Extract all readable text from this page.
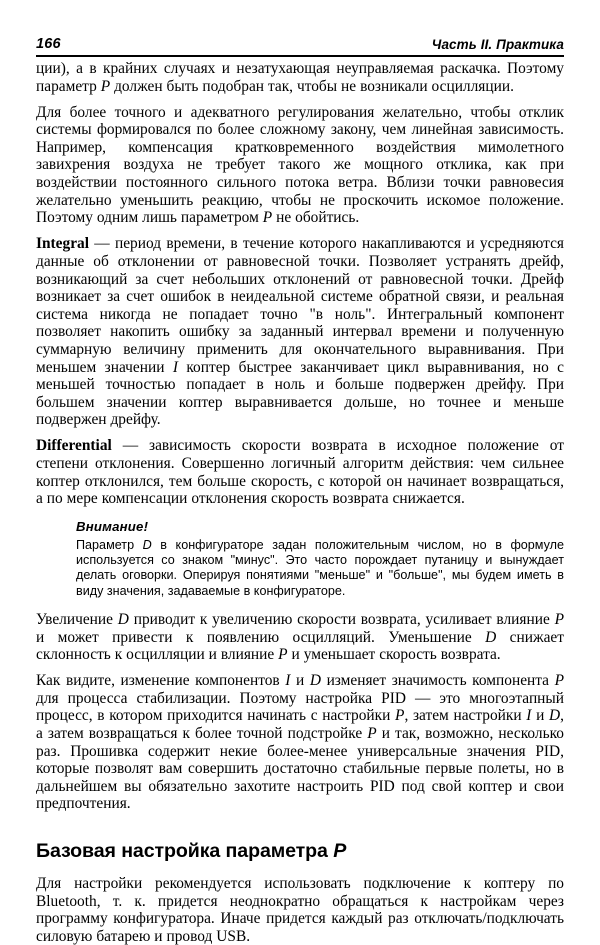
166	Часть II. Практика

ции), а в крайних случаях и незатухающая неуправляемая раскачка. Поэтому параметр P должен быть подобран так, чтобы не возникали осцилляции.

Для более точного и адекватного регулирования желательно, чтобы отклик системы формировался по более сложному закону, чем линейная зависимость. Например, компенсация кратковременного воздействия мимолетного завихрения воздуха не требует такого же мощного отклика, как при воздействии постоянного сильного потока ветра. Вблизи точки равновесия желательно уменьшить реакцию, чтобы не проскочить искомое положение. Поэтому одним лишь параметром P не обойтись.

Integral — период времени, в течение которого накапливаются и усредняются данные об отклонении от равновесной точки. Позволяет устранять дрейф, возникающий за счет небольших отклонений от равновесной точки. Дрейф возникает за счет ошибок в неидеальной системе обратной связи, и реальная система никогда не попадает точно "в ноль". Интегральный компонент позволяет накопить ошибку за заданный интервал времени и полученную суммарную величину применить для окончательного выравнивания. При меньшем значении I коптер быстрее заканчивает цикл выравнивания, но с меньшей точностью попадает в ноль и больше подвержен дрейфу. При большем значении коптер выравнивается дольше, но точнее и меньше подвержен дрейфу.

Differential — зависимость скорости возврата в исходное положение от степени отклонения. Совершенно логичный алгоритм действия: чем сильнее коптер отклонился, тем больше скорость, с которой он начинает возвращаться, а по мере компенсации отклонения скорость возврата снижается.

Внимание!

Параметр D в конфигураторе задан положительным числом, но в формуле используется со знаком "минус". Это часто порождает путаницу и вынуждает делать оговорки. Оперируя понятиями "меньше" и "больше", мы будем иметь в виду значения, задаваемые в конфигураторе.

Увеличение D приводит к увеличению скорости возврата, усиливает влияние P и может привести к появлению осцилляций. Уменьшение D снижает склонность к осцилляции и влияние P и уменьшает скорость возврата.

Как видите, изменение компонентов I и D изменяет значимость компонента P для процесса стабилизации. Поэтому настройка PID — это многоэтапный процесс, в котором приходится начинать с настройки P, затем настройки I и D, а затем возвращаться к более точной подстройке P и так, возможно, несколько раз. Прошивка содержит некие более-менее универсальные значения PID, которые позволят вам совершить достаточно стабильные первые полеты, но в дальнейшем вы обязательно захотите настроить PID под свой коптер и свои предпочтения.

Базовая настройка параметра P

Для настройки рекомендуется использовать подключение к коптеру по Bluetooth, т. к. придется неоднократно обращаться к настройкам через программу конфигуратора. Иначе придется каждый раз отключать/подключать силовую батарею и провод USB.
